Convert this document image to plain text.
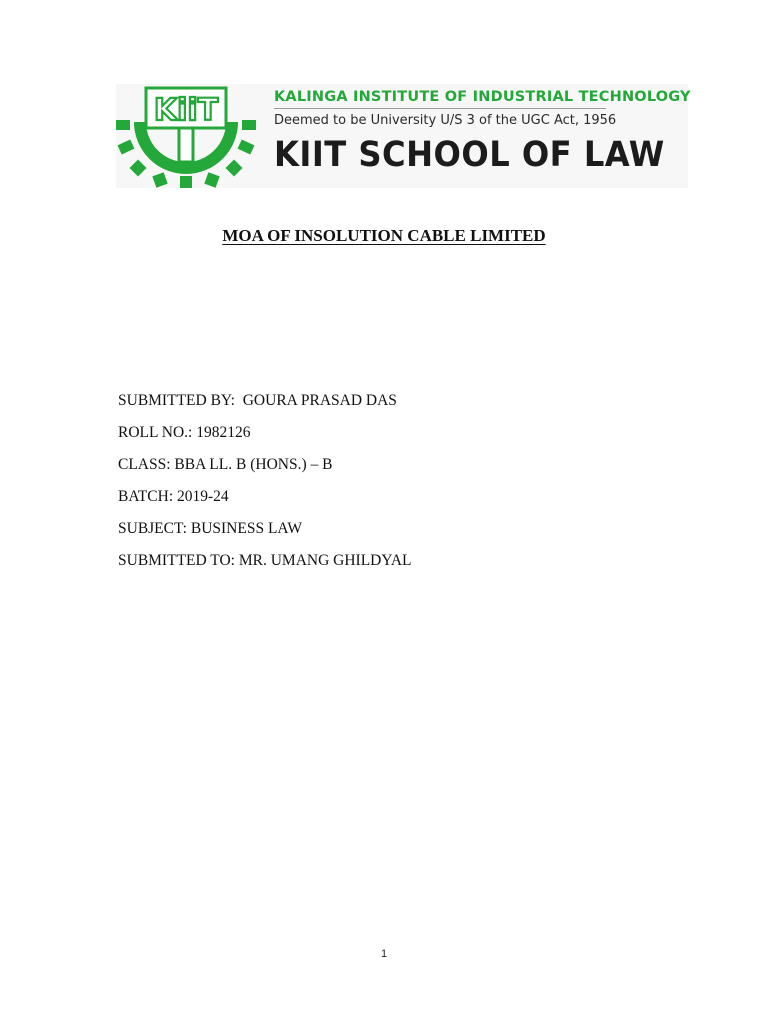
KiiT	KALINGA INSTITUTE OF INDUSTRIAL TECHNOLOGY
Deemed to be University U/S 3 of the UGC Act, 1956
KIIT SCHOOL OF LAW
MOA OF INSOLUTION CABLE LIMITED
SUBMITTED BY:  GOURA PRASAD DAS
ROLL NO.: 1982126
CLASS: BBA LL. B (HONS.) – B
BATCH: 2019-24
SUBJECT: BUSINESS LAW
SUBMITTED TO: MR. UMANG GHILDYAL
1
